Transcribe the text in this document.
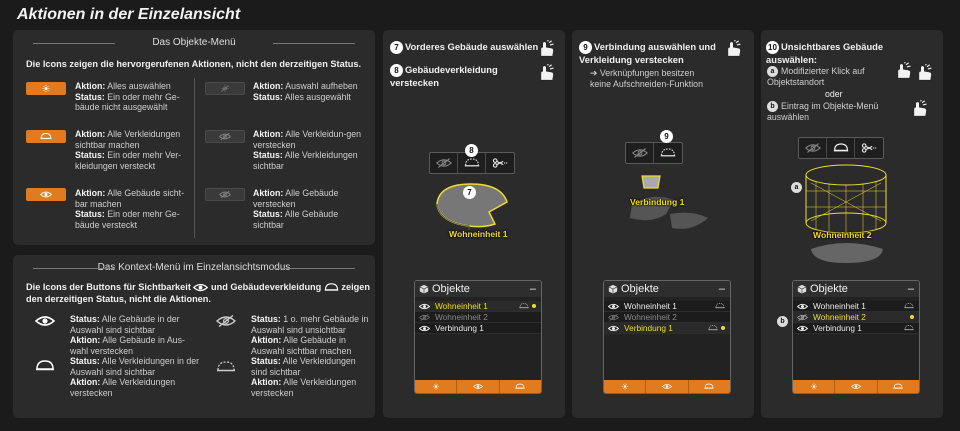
Aktionen in der Einzelansicht
Das Objekte-Menü
Die Icons zeigen die hervorgerufenen Aktionen, nicht den derzeitigen Status.
Aktion: Alles auswählen
Status: Ein oder mehr Ge-bäude nicht ausgewählt
Aktion: Alle Verkleidungen sichtbar machen
Status: Ein oder mehr Ver-kleidungen versteckt
Aktion: Alle Gebäude sicht-bar machen
Status: Ein oder mehr Ge-bäude versteckt
Aktion: Auswahl aufheben
Status: Alles ausgewählt
Aktion: Alle Verkleidun-gen verstecken
Status: Alle Verkleidungen sichtbar
Aktion: Alle Gebäude verstecken
Status: Alle Gebäude sichtbar
Das Kontext-Menü im Einzelansichtsmodus
Die Icons der Buttons für Sichtbarkeit und Gebäudeverkleidung zeigen den derzeitigen Status, nicht die Aktionen.
Status: Alle Gebäude in der Auswahl sind sichtbar
Aktion: Alle Gebäude in Aus-wahl verstecken
Status: Alle Verkleidungen in der Auswahl sind sichtbar
Aktion: Alle Verkleidungen verstecken
Status: 1 o. mehr Gebäude in Auswahl sind unsichtbar
Aktion: Alle Gebäude in Auswahl sichtbar machen
Status: Alle Verkleidungen sind sichtbar
Aktion: Alle Verkleidungen verstecken
7 Vorderes Gebäude auswählen
8 Gebäudeverkleidung verstecken
8
7
Wohneinheit 1
Objekte	–
Wohneinheit 1
Wohneinheit 2
Verbindung 1
9 Verbindung auswählen und Verkleidung verstecken
➔ Verknüpfungen besitzen keine Aufschneiden-Funktion
9
Verbindung 1
Objekte	–
Wohneinheit 1
Wohneinheit 2
Verbindung 1
10 Unsichtbares Gebäude auswählen:
a Modifizierter Klick auf Objektstandort
oder
b Eintrag im Objekte-Menü auswählen
a
Wohneinheit 2
b
Objekte	–
Wohneinheit 1
Wohneinheit 2
Verbindung 1
